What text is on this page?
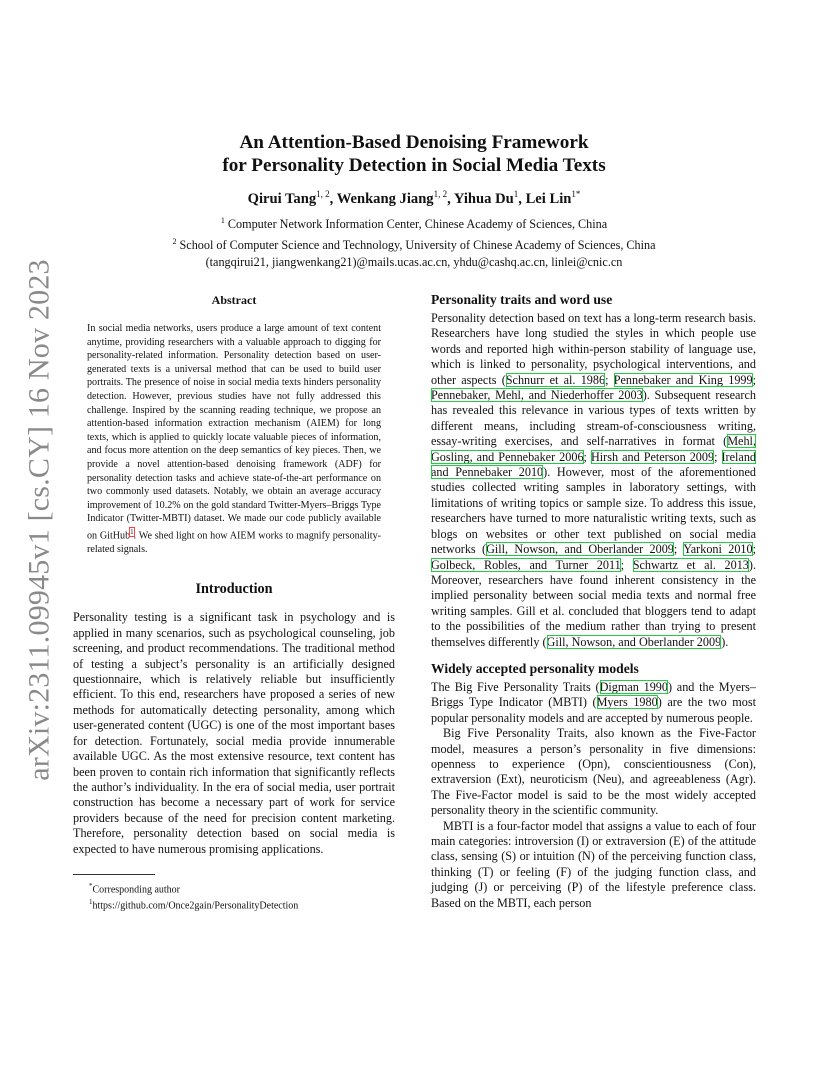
arXiv:2311.09945v1 [cs.CY] 16 Nov 2023
An Attention-Based Denoising Framework
for Personality Detection in Social Media Texts
Qirui Tang$^{1, 2}$, Wenkang Jiang$^{1, 2}$, Yihua Du$^1$, Lei Lin$^{1*}$
$^1$ Computer Network Information Center, Chinese Academy of Sciences, China
$^2$ School of Computer Science and Technology, University of Chinese Academy of Sciences, China
(tangqirui21, jiangwenkang21)@mails.ucas.ac.cn, yhdu@cashq.ac.cn, linlei@cnic.cn
Abstract

In social media networks, users produce a large amount of text content anytime, providing researchers with a valuable approach to digging for personality-related information. Personality detection based on user-generated texts is a universal method that can be used to build user portraits. The presence of noise in social media texts hinders personality detection. However, previous studies have not fully addressed this challenge. Inspired by the scanning reading technique, we propose an attention-based information extraction mechanism (AIEM) for long texts, which is applied to quickly locate valuable pieces of information, and focus more attention on the deep semantics of key pieces. Then, we provide a novel attention-based denoising framework (ADF) for personality detection tasks and achieve state-of-the-art performance on two commonly used datasets. Notably, we obtain an average accuracy improvement of 10.2% on the gold standard Twitter-Myers–Briggs Type Indicator (Twitter-MBTI) dataset. We made our code publicly available on GitHub$^1$. We shed light on how AIEM works to magnify personality-related signals.

Introduction

Personality testing is a significant task in psychology and is applied in many scenarios, such as psychological counseling, job screening, and product recommendations. The traditional method of testing a subject’s personality is an artificially designed questionnaire, which is relatively reliable but insufficiently efficient. To this end, researchers have proposed a series of new methods for automatically detecting personality, among which user-generated content (UGC) is one of the most important bases for detection. Fortunately, social media provide innumerable available UGC. As the most extensive resource, text content has been proven to contain rich information that significantly reflects the author’s individuality. In the era of social media, user portrait construction has become a necessary part of work for service providers because of the need for precision content marketing. Therefore, personality detection based on social media is expected to have numerous promising applications.

*Corresponding author

$^1$https://github.com/Once2gain/PersonalityDetection

Personality traits and word use

Personality detection based on text has a long-term research basis. Researchers have long studied the styles in which people use words and reported high within-person stability of language use, which is linked to personality, psychological interventions, and other aspects (Schnurr et al. 1986; Pennebaker and King 1999; Pennebaker, Mehl, and Niederhoffer 2003). Subsequent research has revealed this relevance in various types of texts written by different means, including stream-of-consciousness writing, essay-writing exercises, and self-narratives in format (Mehl, Gosling, and Pennebaker 2006; Hirsh and Peterson 2009; Ireland and Pennebaker 2010). However, most of the aforementioned studies collected writing samples in laboratory settings, with limitations of writing topics or sample size. To address this issue, researchers have turned to more naturalistic writing texts, such as blogs on websites or other text published on social media networks (Gill, Nowson, and Oberlander 2009; Yarkoni 2010; Golbeck, Robles, and Turner 2011; Schwartz et al. 2013). Moreover, researchers have found inherent consistency in the implied personality between social media texts and normal free writing samples. Gill et al. concluded that bloggers tend to adapt to the possibilities of the medium rather than trying to present themselves differently (Gill, Nowson, and Oberlander 2009).

Widely accepted personality models

The Big Five Personality Traits (Digman 1990) and the Myers–Briggs Type Indicator (MBTI) (Myers 1980) are the two most popular personality models and are accepted by numerous people.

Big Five Personality Traits, also known as the Five-Factor model, measures a person’s personality in five dimensions: openness to experience (Opn), conscientiousness (Con), extraversion (Ext), neuroticism (Neu), and agreeableness (Agr). The Five-Factor model is said to be the most widely accepted personality theory in the scientific community.

MBTI is a four-factor model that assigns a value to each of four main categories: introversion (I) or extraversion (E) of the attitude class, sensing (S) or intuition (N) of the perceiving function class, thinking (T) or feeling (F) of the judging function class, and judging (J) or perceiving (P) of the lifestyle preference class. Based on the MBTI, each person
